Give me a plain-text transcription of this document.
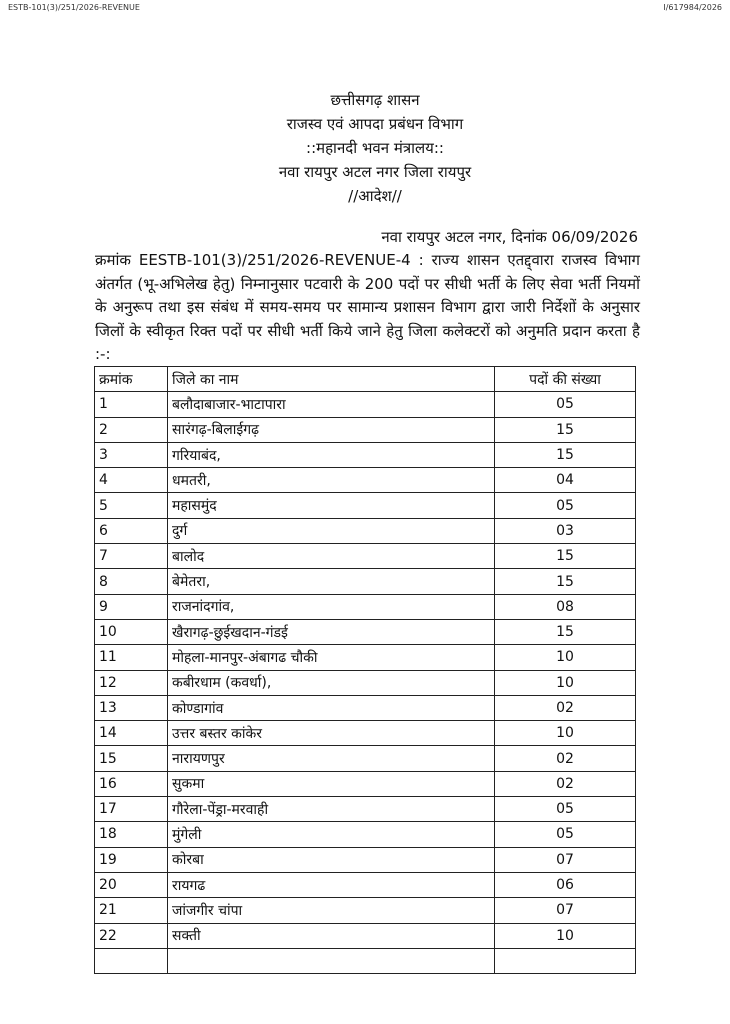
ESTB-101(3)/251/2026-REVENUE	I/617984/2026
छत्तीसगढ़ शासन
राजस्व एवं आपदा प्रबंधन विभाग
::महानदी भवन मंत्रालय::
नवा रायपुर अटल नगर जिला रायपुर
//आदेश//
नवा रायपुर अटल नगर, दिनांक 06/09/2026

क्रमांक EESTB-101(3)/251/2026-REVENUE-4 : राज्य शासन एतद्द्वारा राजस्व विभाग अंतर्गत (भू-अभिलेख हेतु) निम्नानुसार पटवारी के 200 पदों पर सीधी भर्ती के लिए सेवा भर्ती नियमों के अनुरूप तथा इस संबंध में समय-समय पर सामान्य प्रशासन विभाग द्वारा जारी निर्देशों के अनुसार जिलों के स्वीकृत रिक्त पदों पर सीधी भर्ती किये जाने हेतु जिला कलेक्टरों को अनुमति प्रदान करता है :-:

क्रमांक	जिले का नाम	पदों की संख्या
1	बलौदाबाजार-भाटापारा	05
2	सारंगढ़-बिलाईगढ़	15
3	गरियाबंद,	15
4	धमतरी,	04
5	महासमुंद	05
6	दुर्ग	03
7	बालोद	15
8	बेमेतरा,	15
9	राजनांदगांव,	08
10	खैरागढ़-छुईखदान-गंडई	15
11	मोहला-मानपुर-अंबागढ चौकी	10
12	कबीरधाम (कवर्धा),	10
13	कोण्डागांव	02
14	उत्तर बस्तर कांकेर	10
15	नारायणपुर	02
16	सुकमा	02
17	गौरेला-पेंड्रा-मरवाही	05
18	मुंगेली	05
19	कोरबा	07
20	रायगढ	06
21	जांजगीर चांपा	07
22	सक्ती	10
